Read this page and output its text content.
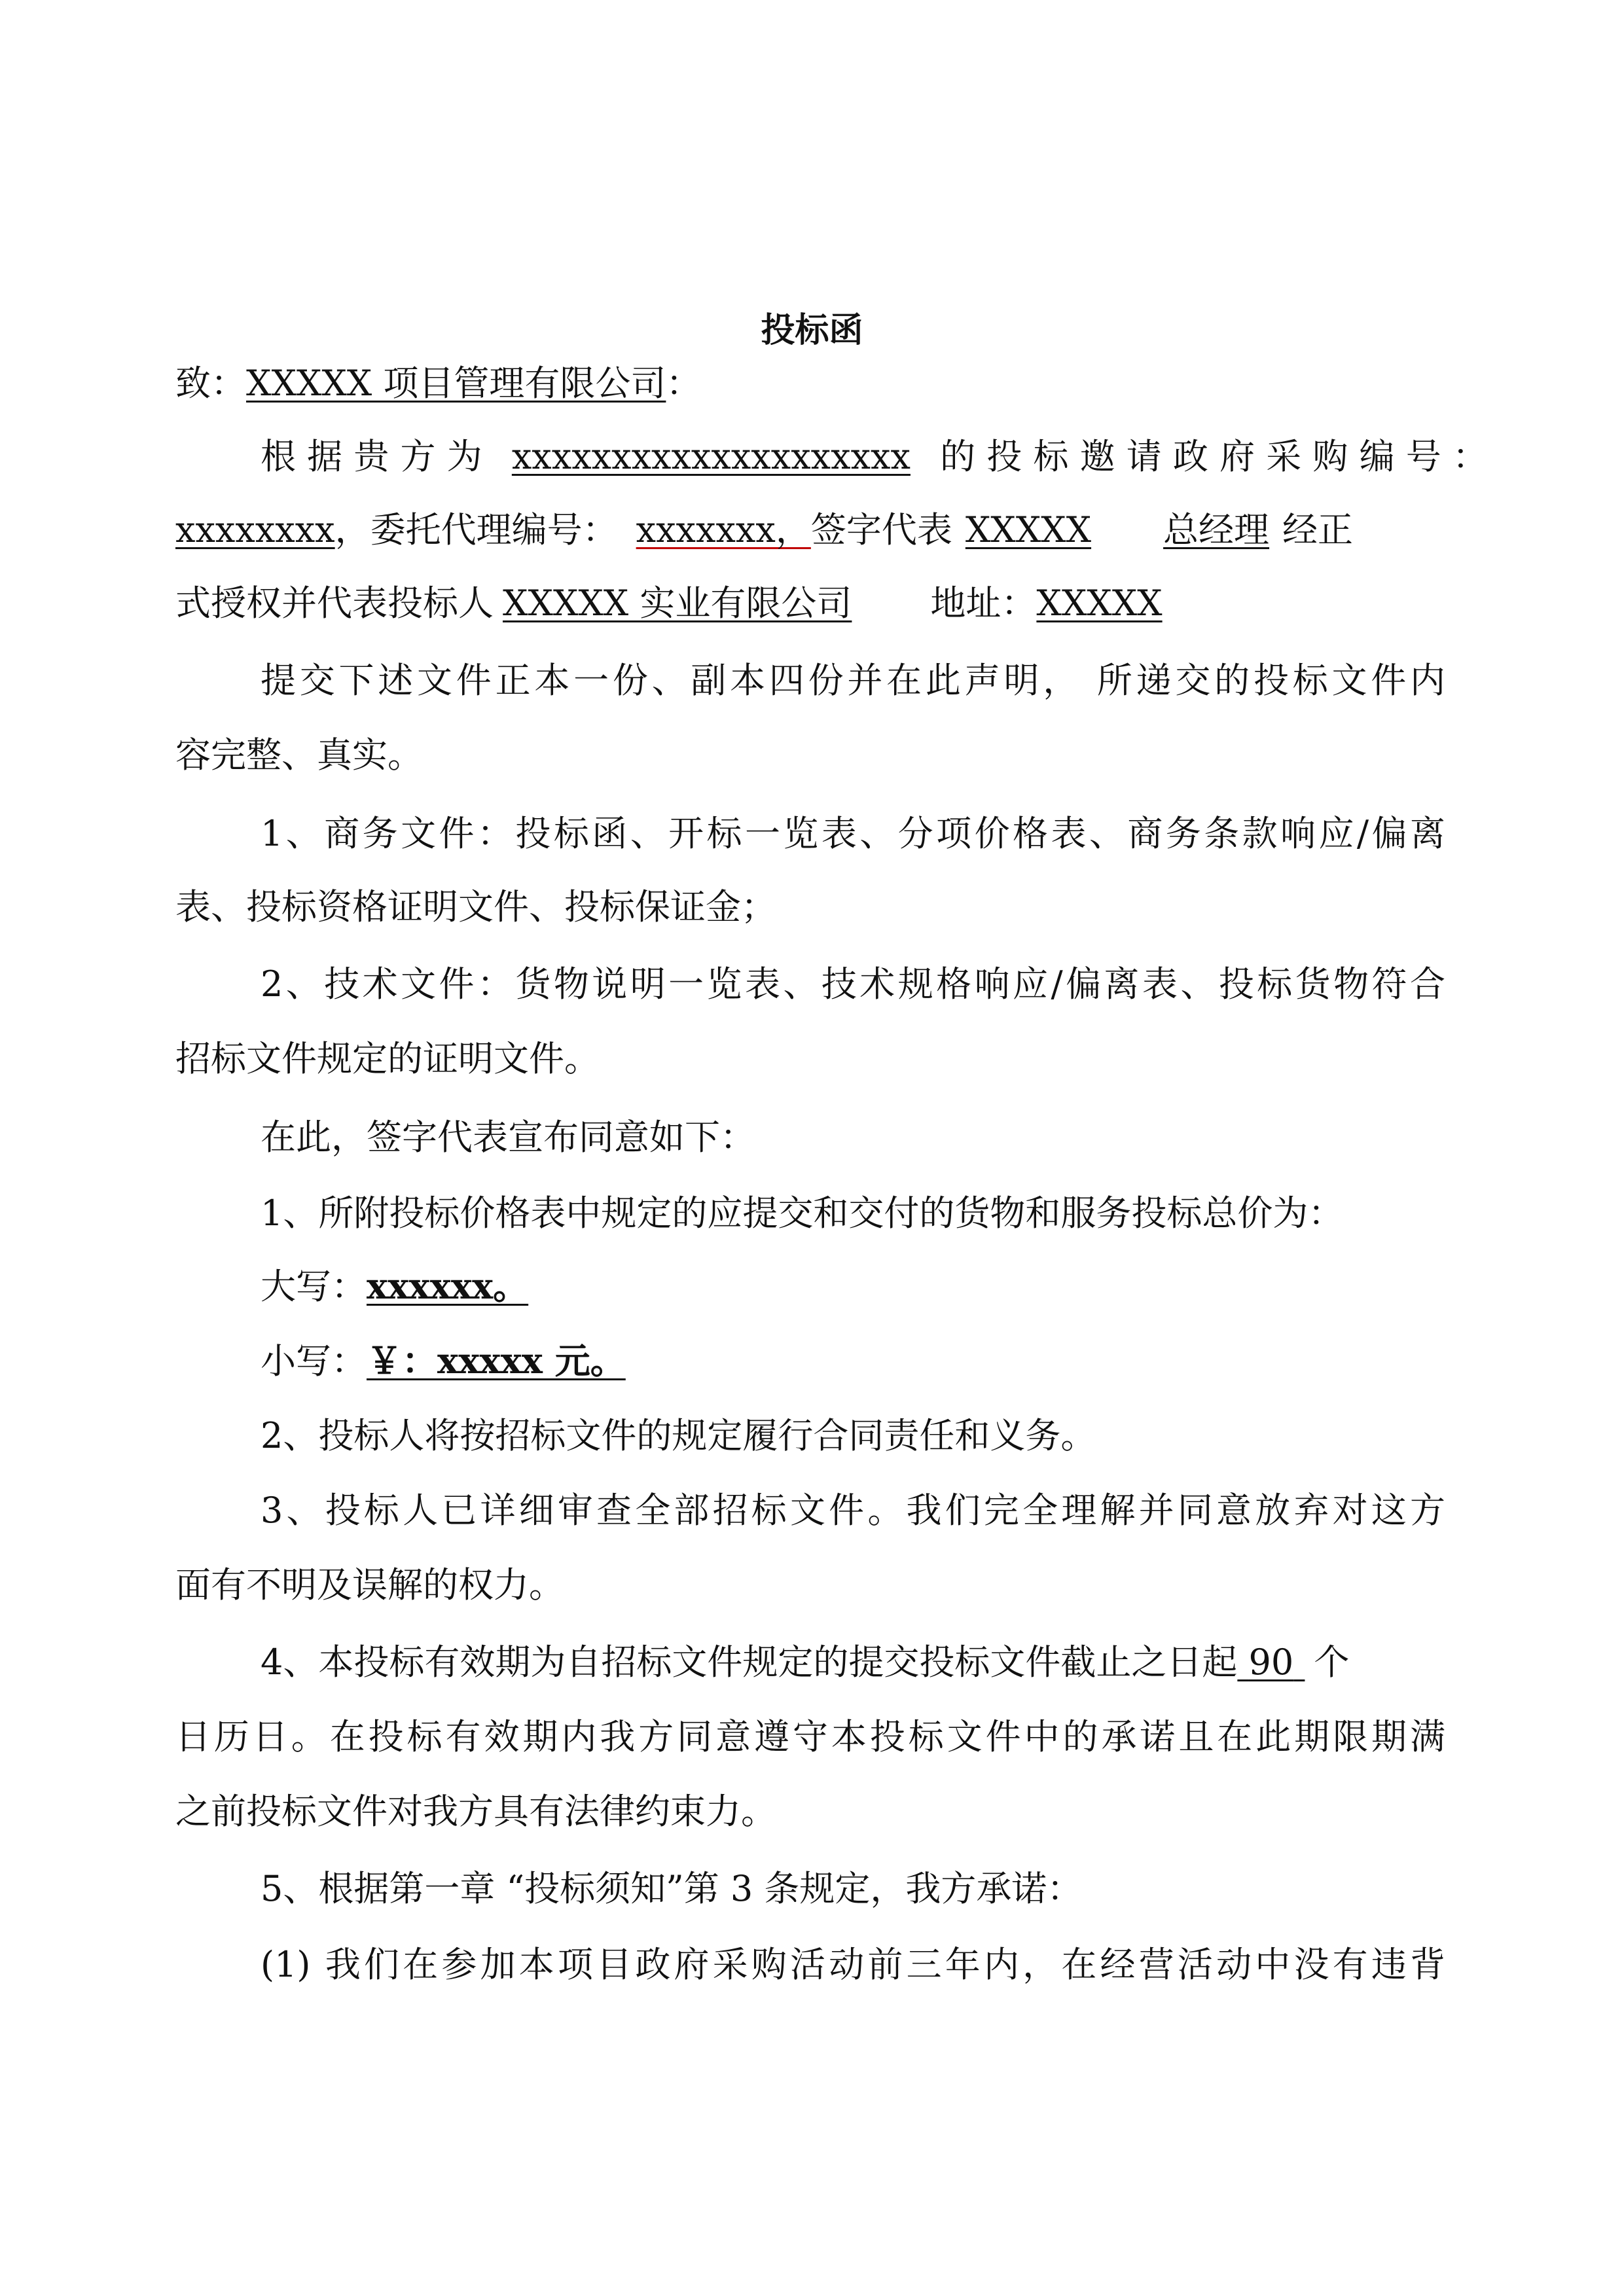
投标函
致：XXXXX 项目管理有限公司：
根 据 贵 方 为 xxxxxxxxxxxxxxxxxxxx 的 投 标 邀 请 政 府 采 购 编 号 ：
xxxxxxxx，委托代理编号： xxxxxxx，签字代表 XXXXX 总经理 经正
式授权并代表投标人 XXXXX 实业有限公司 地址：XXXXX
提交下述文件正本一份、副本四份并在此声明， 所递交的投标文件内
容完整、真实。
1、商务文件：投标函、开标一览表、分项价格表、商务条款响应/偏离
表、投标资格证明文件、投标保证金；
2、技术文件：货物说明一览表、技术规格响应/偏离表、投标货物符合
招标文件规定的证明文件。
在此，签字代表宣布同意如下：
1、所附投标价格表中规定的应提交和交付的货物和服务投标总价为：
大写：xxxxxx。
小写：￥：xxxxx 元。
2、投标人将按招标文件的规定履行合同责任和义务。
3、投标人已详细审查全部招标文件。我们完全理解并同意放弃对这方
面有不明及误解的权力。
4、本投标有效期为自招标文件规定的提交投标文件截止之日起 90 个
日历日。在投标有效期内我方同意遵守本投标文件中的承诺且在此期限期满
之前投标文件对我方具有法律约束力。
5、根据第一章 “投标须知”第 3 条规定，我方承诺：
(1) 我们在参加本项目政府采购活动前三年内，在经营活动中没有违背
